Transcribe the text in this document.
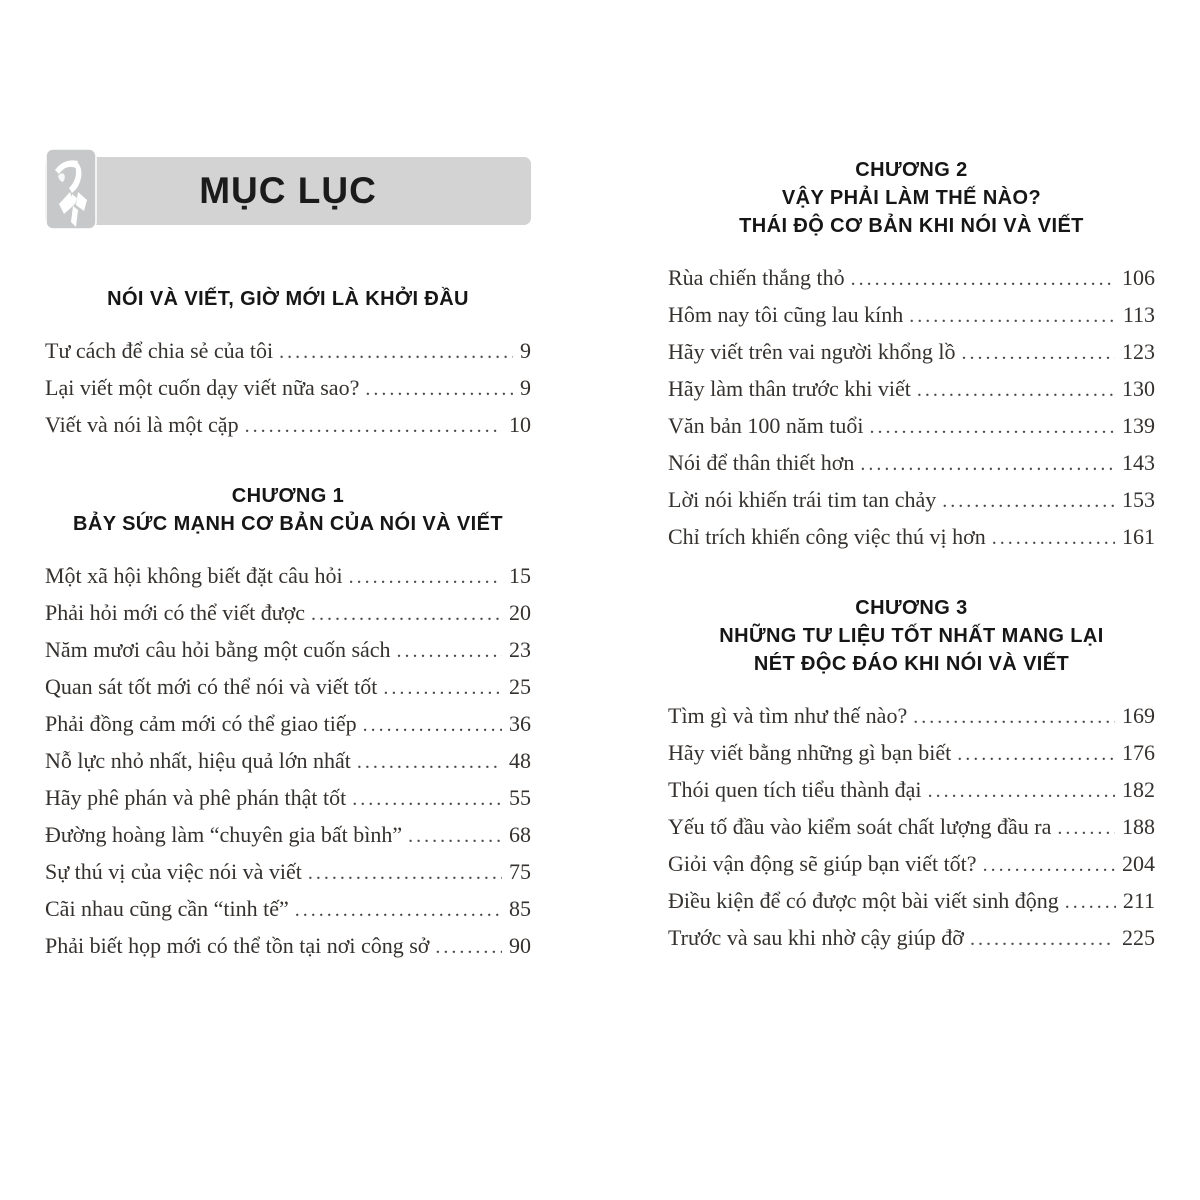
MỤC LỤC
NÓI VÀ VIẾT, GIỜ MỚI LÀ KHỞI ĐẦU
Tư cách để chia sẻ của tôi .....	9
Lại viết một cuốn dạy viết nữa sao? .....	9
Viết và nói là một cặp .....	10
CHƯƠNG 1
BẢY SỨC MẠNH CƠ BẢN CỦA NÓI VÀ VIẾT
Một xã hội không biết đặt câu hỏi .....	15
Phải hỏi mới có thể viết được .....	20
Năm mươi câu hỏi bằng một cuốn sách .....	23
Quan sát tốt mới có thể nói và viết tốt .....	25
Phải đồng cảm mới có thể giao tiếp .....	36
Nỗ lực nhỏ nhất, hiệu quả lớn nhất .....	48
Hãy phê phán và phê phán thật tốt .....	55
Đường hoàng làm “chuyên gia bất bình” .....	68
Sự thú vị của việc nói và viết .....	75
Cãi nhau cũng cần “tinh tế” .....	85
Phải biết họp mới có thể tồn tại nơi công sở .....	90
CHƯƠNG 2
VẬY PHẢI LÀM THẾ NÀO?
THÁI ĐỘ CƠ BẢN KHI NÓI VÀ VIẾT
Rùa chiến thắng thỏ .....	106
Hôm nay tôi cũng lau kính .....	113
Hãy viết trên vai người khổng lồ .....	123
Hãy làm thân trước khi viết .....	130
Văn bản 100 năm tuổi .....	139
Nói để thân thiết hơn .....	143
Lời nói khiến trái tim tan chảy .....	153
Chỉ trích khiến công việc thú vị hơn .....	161
CHƯƠNG 3
NHỮNG TƯ LIỆU TỐT NHẤT MANG LẠI
NÉT ĐỘC ĐÁO KHI NÓI VÀ VIẾT
Tìm gì và tìm như thế nào? .....	169
Hãy viết bằng những gì bạn biết .....	176
Thói quen tích tiểu thành đại .....	182
Yếu tố đầu vào kiểm soát chất lượng đầu ra .....	188
Giỏi vận động sẽ giúp bạn viết tốt? .....	204
Điều kiện để có được một bài viết sinh động .....	211
Trước và sau khi nhờ cậy giúp đỡ .....	225
